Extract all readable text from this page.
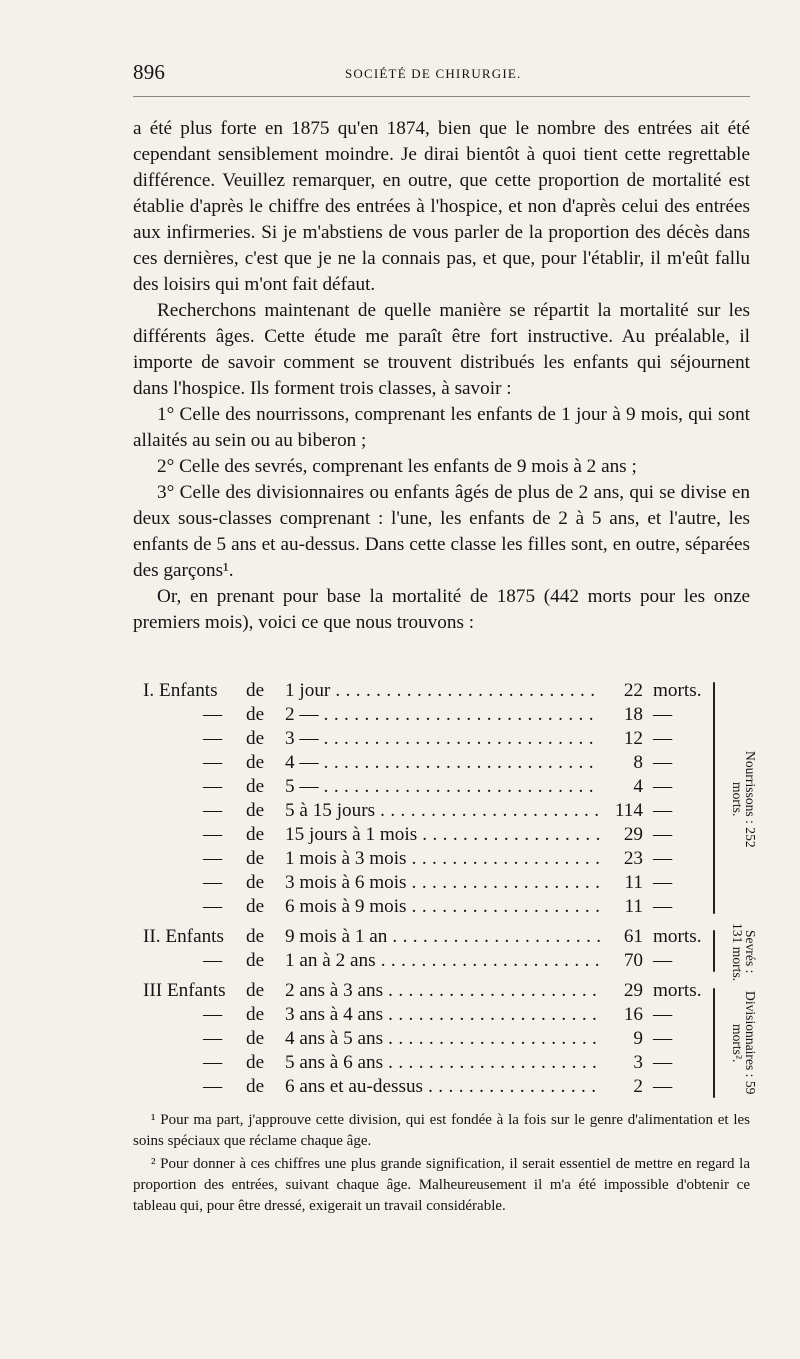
896	SOCIÉTÉ DE CHIRURGIE.

a été plus forte en 1875 qu'en 1874, bien que le nombre des entrées ait été cependant sensiblement moindre. Je dirai bientôt à quoi tient cette regrettable différence. Veuillez remarquer, en outre, que cette proportion de mortalité est établie d'après le chiffre des entrées à l'hospice, et non d'après celui des entrées aux infirmeries. Si je m'abstiens de vous parler de la proportion des décès dans ces dernières, c'est que je ne la connais pas, et que, pour l'établir, il m'eût fallu des loisirs qui m'ont fait défaut.

Recherchons maintenant de quelle manière se répartit la mortalité sur les différents âges. Cette étude me paraît être fort instructive. Au préalable, il importe de savoir comment se trouvent distribués les enfants qui séjournent dans l'hospice. Ils forment trois classes, à savoir :

1° Celle des nourrissons, comprenant les enfants de 1 jour à 9 mois, qui sont allaités au sein ou au biberon ;

2° Celle des sevrés, comprenant les enfants de 9 mois à 2 ans ;

3° Celle des divisionnaires ou enfants âgés de plus de 2 ans, qui se divise en deux sous-classes comprenant : l'une, les enfants de 2 à 5 ans, et l'autre, les enfants de 5 ans et au-dessus. Dans cette classe les filles sont, en outre, séparées des garçons¹.

Or, en prenant pour base la mortalité de 1875 (442 morts pour les onze premiers mois), voici ce que nous trouvons :

I. Enfants	de 1 jour . . .	22 morts.
— de 2 — . . .	18 —
— de 3 — . . .	12 —
— de 4 — . . .	8 —
— de 5 — . . .	4 —
— de 5 à 15 jours . . .	114 —
— de 15 jours à 1 mois . . .	29 —
— de 1 mois à 3 mois . . .	23 —
— de 3 mois à 6 mois . . .	11 —
— de 6 mois à 9 mois . . .	11 —
II. Enfants	de 9 mois à 1 an . . .	61 morts.
— de 1 an à 2 ans . . .	70 —
III Enfants	de 2 ans à 3 ans . . .	29 morts.
— de 3 ans à 4 ans . . .	16 —
— de 4 ans à 5 ans . . .	9 —
— de 5 ans à 6 ans . . .	3 —
— de 6 ans et au-dessus . . .	2 —
Nourrissons : 252 morts.
Sevrés : 131 morts.
Divisionnaires : 59 morts².

¹ Pour ma part, j'approuve cette division, qui est fondée à la fois sur le genre d'alimentation et les soins spéciaux que réclame chaque âge.

² Pour donner à ces chiffres une plus grande signification, il serait essentiel de mettre en regard la proportion des entrées, suivant chaque âge. Malheureusement il m'a été impossible d'obtenir ce tableau qui, pour être dressé, exigerait un travail considérable.
